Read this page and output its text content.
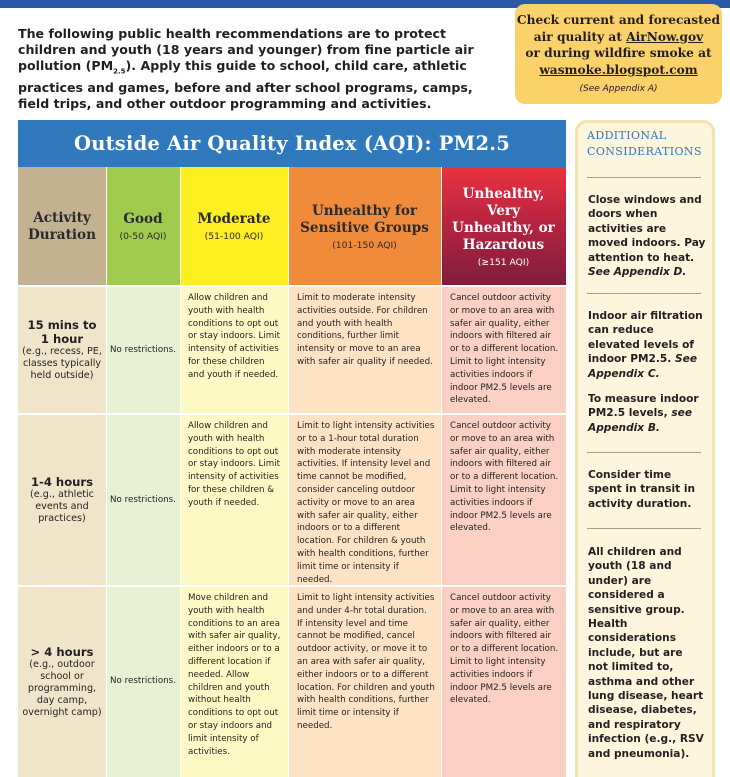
The following public health recommendations are to protect children and youth (18 years and younger) from fine particle air pollution $(PM_{2.5})$. Apply this guide to school, child care, athletic practices and games, before and after school programs, camps, field trips, and other outdoor programming and activities.
Check current and forecasted
air quality at AirNow.gov
or during wildfire smoke at
wasmoke.blogspot.com
(See Appendix A)
Outside Air Quality Index (AQI): PM2.5
Activity Duration
Good
(0-50 AQI)
Moderate
(51-100 AQI)
Unhealthy for Sensitive Groups
(101-150 AQI)
Unhealthy, Very Unhealthy, or Hazardous
(≥151 AQI)
15 mins to 1 hour
(e.g., recess, PE, classes typically held outside)
No restrictions.
Allow children and youth with health conditions to opt out or stay indoors. Limit intensity of activities for these children and youth if needed.
Limit to moderate intensity activities outside. For children and youth with health conditions, further limit intensity or move to an area with safer air quality if needed.
Cancel outdoor activity or move to an area with safer air quality, either indoors with filtered air or to a different location. Limit to light intensity activities indoors if indoor PM2.5 levels are elevated.
1-4 hours
(e.g., athletic events and practices)
No restrictions.
Allow children and youth with health conditions to opt out or stay indoors. Limit intensity of activities for these children & youth if needed.
Limit to light intensity activities or to a 1-hour total duration with moderate intensity activities. If intensity level and time cannot be modified, consider canceling outdoor activity or move to an area with safer air quality, either indoors or to a different location. For children & youth with health conditions, further limit time or intensity if needed.
Cancel outdoor activity or move to an area with safer air quality, either indoors with filtered air or to a different location. Limit to light intensity activities indoors if indoor PM2.5 levels are elevated.
> 4 hours
(e.g., outdoor school or programming, day camp, overnight camp)
No restrictions.
Move children and youth with health conditions to an area with safer air quality, either indoors or to a different location if needed. Allow children and youth without health conditions to opt out or stay indoors and limit intensity of activities.
Limit to light intensity activities and under 4-hr total duration. If intensity level and time cannot be modified, cancel outdoor activity, or move it to an area with safer air quality, either indoors or to a different location. For children and youth with health conditions, further limit time or intensity if needed.
Cancel outdoor activity or move to an area with safer air quality, either indoors with filtered air or to a different location. Limit to light intensity activities indoors if indoor PM2.5 levels are elevated.
ADDITIONAL CONSIDERATIONS
Close windows and doors when activities are moved indoors. Pay attention to heat. See Appendix D.
Indoor air filtration can reduce elevated levels of indoor PM2.5. See Appendix C.
To measure indoor PM2.5 levels, see Appendix B.
Consider time spent in transit in activity duration.
All children and youth (18 and under) are considered a sensitive group. Health considerations include, but are not limited to, asthma and other lung disease, heart disease, diabetes, and respiratory infection (e.g., RSV and pneumonia).
